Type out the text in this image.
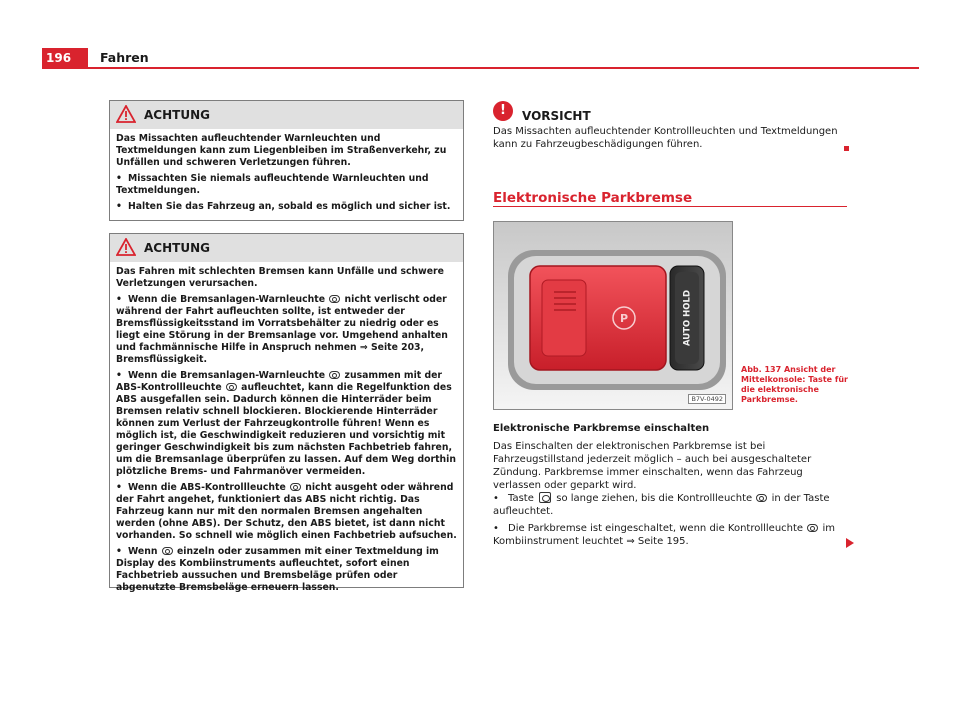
196	Fahren
ACHTUNG

Das Missachten aufleuchtender Warnleuchten und Textmeldungen kann zum Liegenbleiben im Straßenverkehr, zu Unfällen und schweren Verletzungen führen.

• Missachten Sie niemals aufleuchtende Warnleuchten und Textmeldungen.

• Halten Sie das Fahrzeug an, sobald es möglich und sicher ist.

ACHTUNG

Das Fahren mit schlechten Bremsen kann Unfälle und schwere Verletzungen verursachen.

• Wenn die Bremsanlagen-Warnleuchte nicht verlischt oder während der Fahrt aufleuchten sollte, ist entweder der Bremsflüssigkeitsstand im Vorratsbehälter zu niedrig oder es liegt eine Störung in der Bremsanlage vor. Umgehend anhalten und fachmännische Hilfe in Anspruch nehmen ⇒ Seite 203, Bremsflüssigkeit.

• Wenn die Bremsanlagen-Warnleuchte zusammen mit der ABS-Kontrollleuchte aufleuchtet, kann die Regelfunktion des ABS ausgefallen sein. Dadurch können die Hinterräder beim Bremsen relativ schnell blockieren. Blockierende Hinterräder können zum Verlust der Fahrzeugkontrolle führen! Wenn es möglich ist, die Geschwindigkeit reduzieren und vorsichtig mit geringer Geschwindigkeit bis zum nächsten Fachbetrieb fahren, um die Bremsanlage überprüfen zu lassen. Auf dem Weg dorthin plötzliche Brems- und Fahrmanöver vermeiden.

• Wenn die ABS-Kontrollleuchte nicht ausgeht oder während der Fahrt angehet, funktioniert das ABS nicht richtig. Das Fahrzeug kann nur mit den normalen Bremsen angehalten werden (ohne ABS). Der Schutz, den ABS bietet, ist dann nicht vorhanden. So schnell wie möglich einen Fachbetrieb aufsuchen.

• Wenn einzeln oder zusammen mit einer Textmeldung im Display des Kombiinstruments aufleuchtet, sofort einen Fachbetrieb aussuchen und Bremsbeläge prüfen oder abgenutzte Bremsbeläge erneuern lassen.

!	VORSICHT
Das Missachten aufleuchtender Kontrollleuchten und Textmeldungen kann zu Fahrzeugbeschädigungen führen.
Elektronische Parkbremse
P	AUTO HOLD
B7V-0492
Abb. 137 Ansicht der Mittelkonsole: Taste für die elektronische Parkbremse.
Elektronische Parkbremse einschalten
Das Einschalten der elektronischen Parkbremse ist bei Fahrzeugstillstand jederzeit möglich – auch bei ausgeschalteter Zündung. Parkbremse immer einschalten, wenn das Fahrzeug verlassen oder geparkt wird.
• Taste so lange ziehen, bis die Kontrollleuchte in der Taste aufleuchtet.
• Die Parkbremse ist eingeschaltet, wenn die Kontrollleuchte im Kombiinstrument leuchtet ⇒ Seite 195.
